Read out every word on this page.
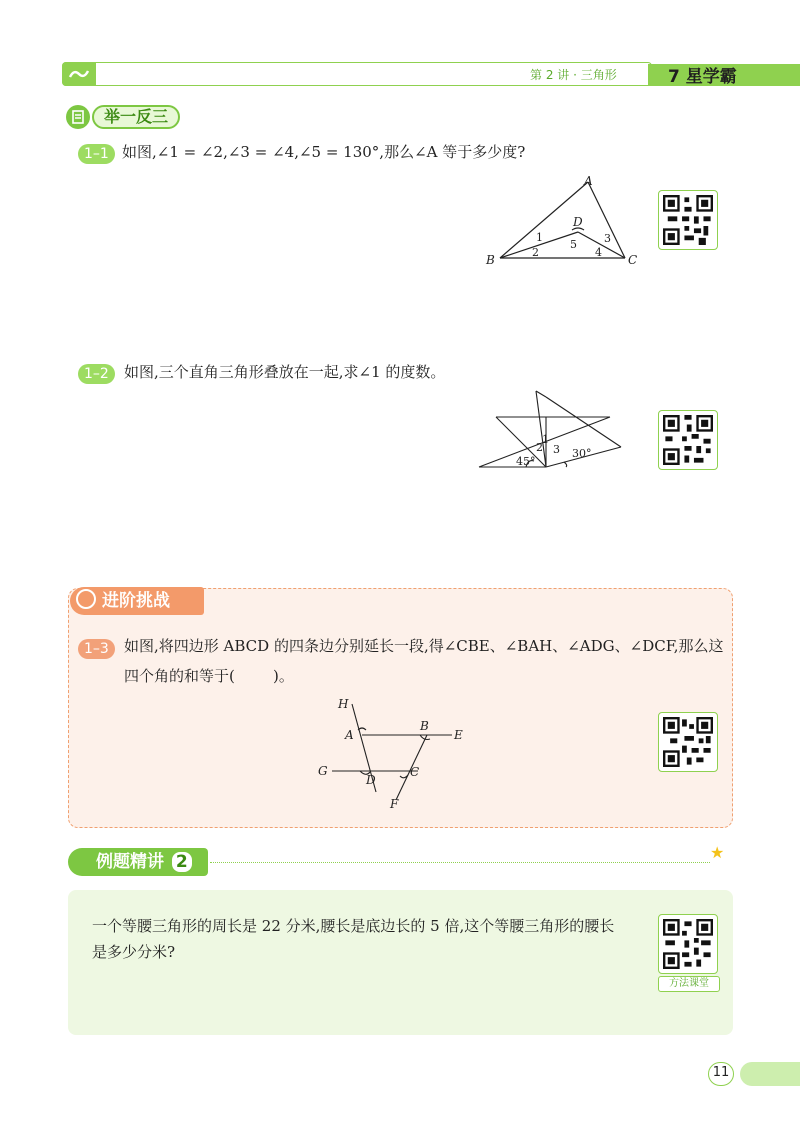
第 2 讲 · 三角形	7 星学霸
举一反三
1–1 如图,∠1 = ∠2,∠3 = ∠4,∠5 = 130°,那么∠A 等于多少度?
A
B	C
D
1
2
3
4
5
1–2	如图,三个直角三角形叠放在一起,求∠1 的度数。
45°
30°
1
2 3
进阶挑战
1–3	如图,将四边形 ABCD 的四条边分别延长一段,得∠CBE、∠BAH、∠ADG、∠DCF,那么这
四个角的和等于(        )。
H
A
B
E
G
D
C
F
例题精讲 2	★
一个等腰三角形的周长是 22 分米,腰长是底边长的 5 倍,这个等腰三角形的腰长
是多少分米?
方法课堂
11
